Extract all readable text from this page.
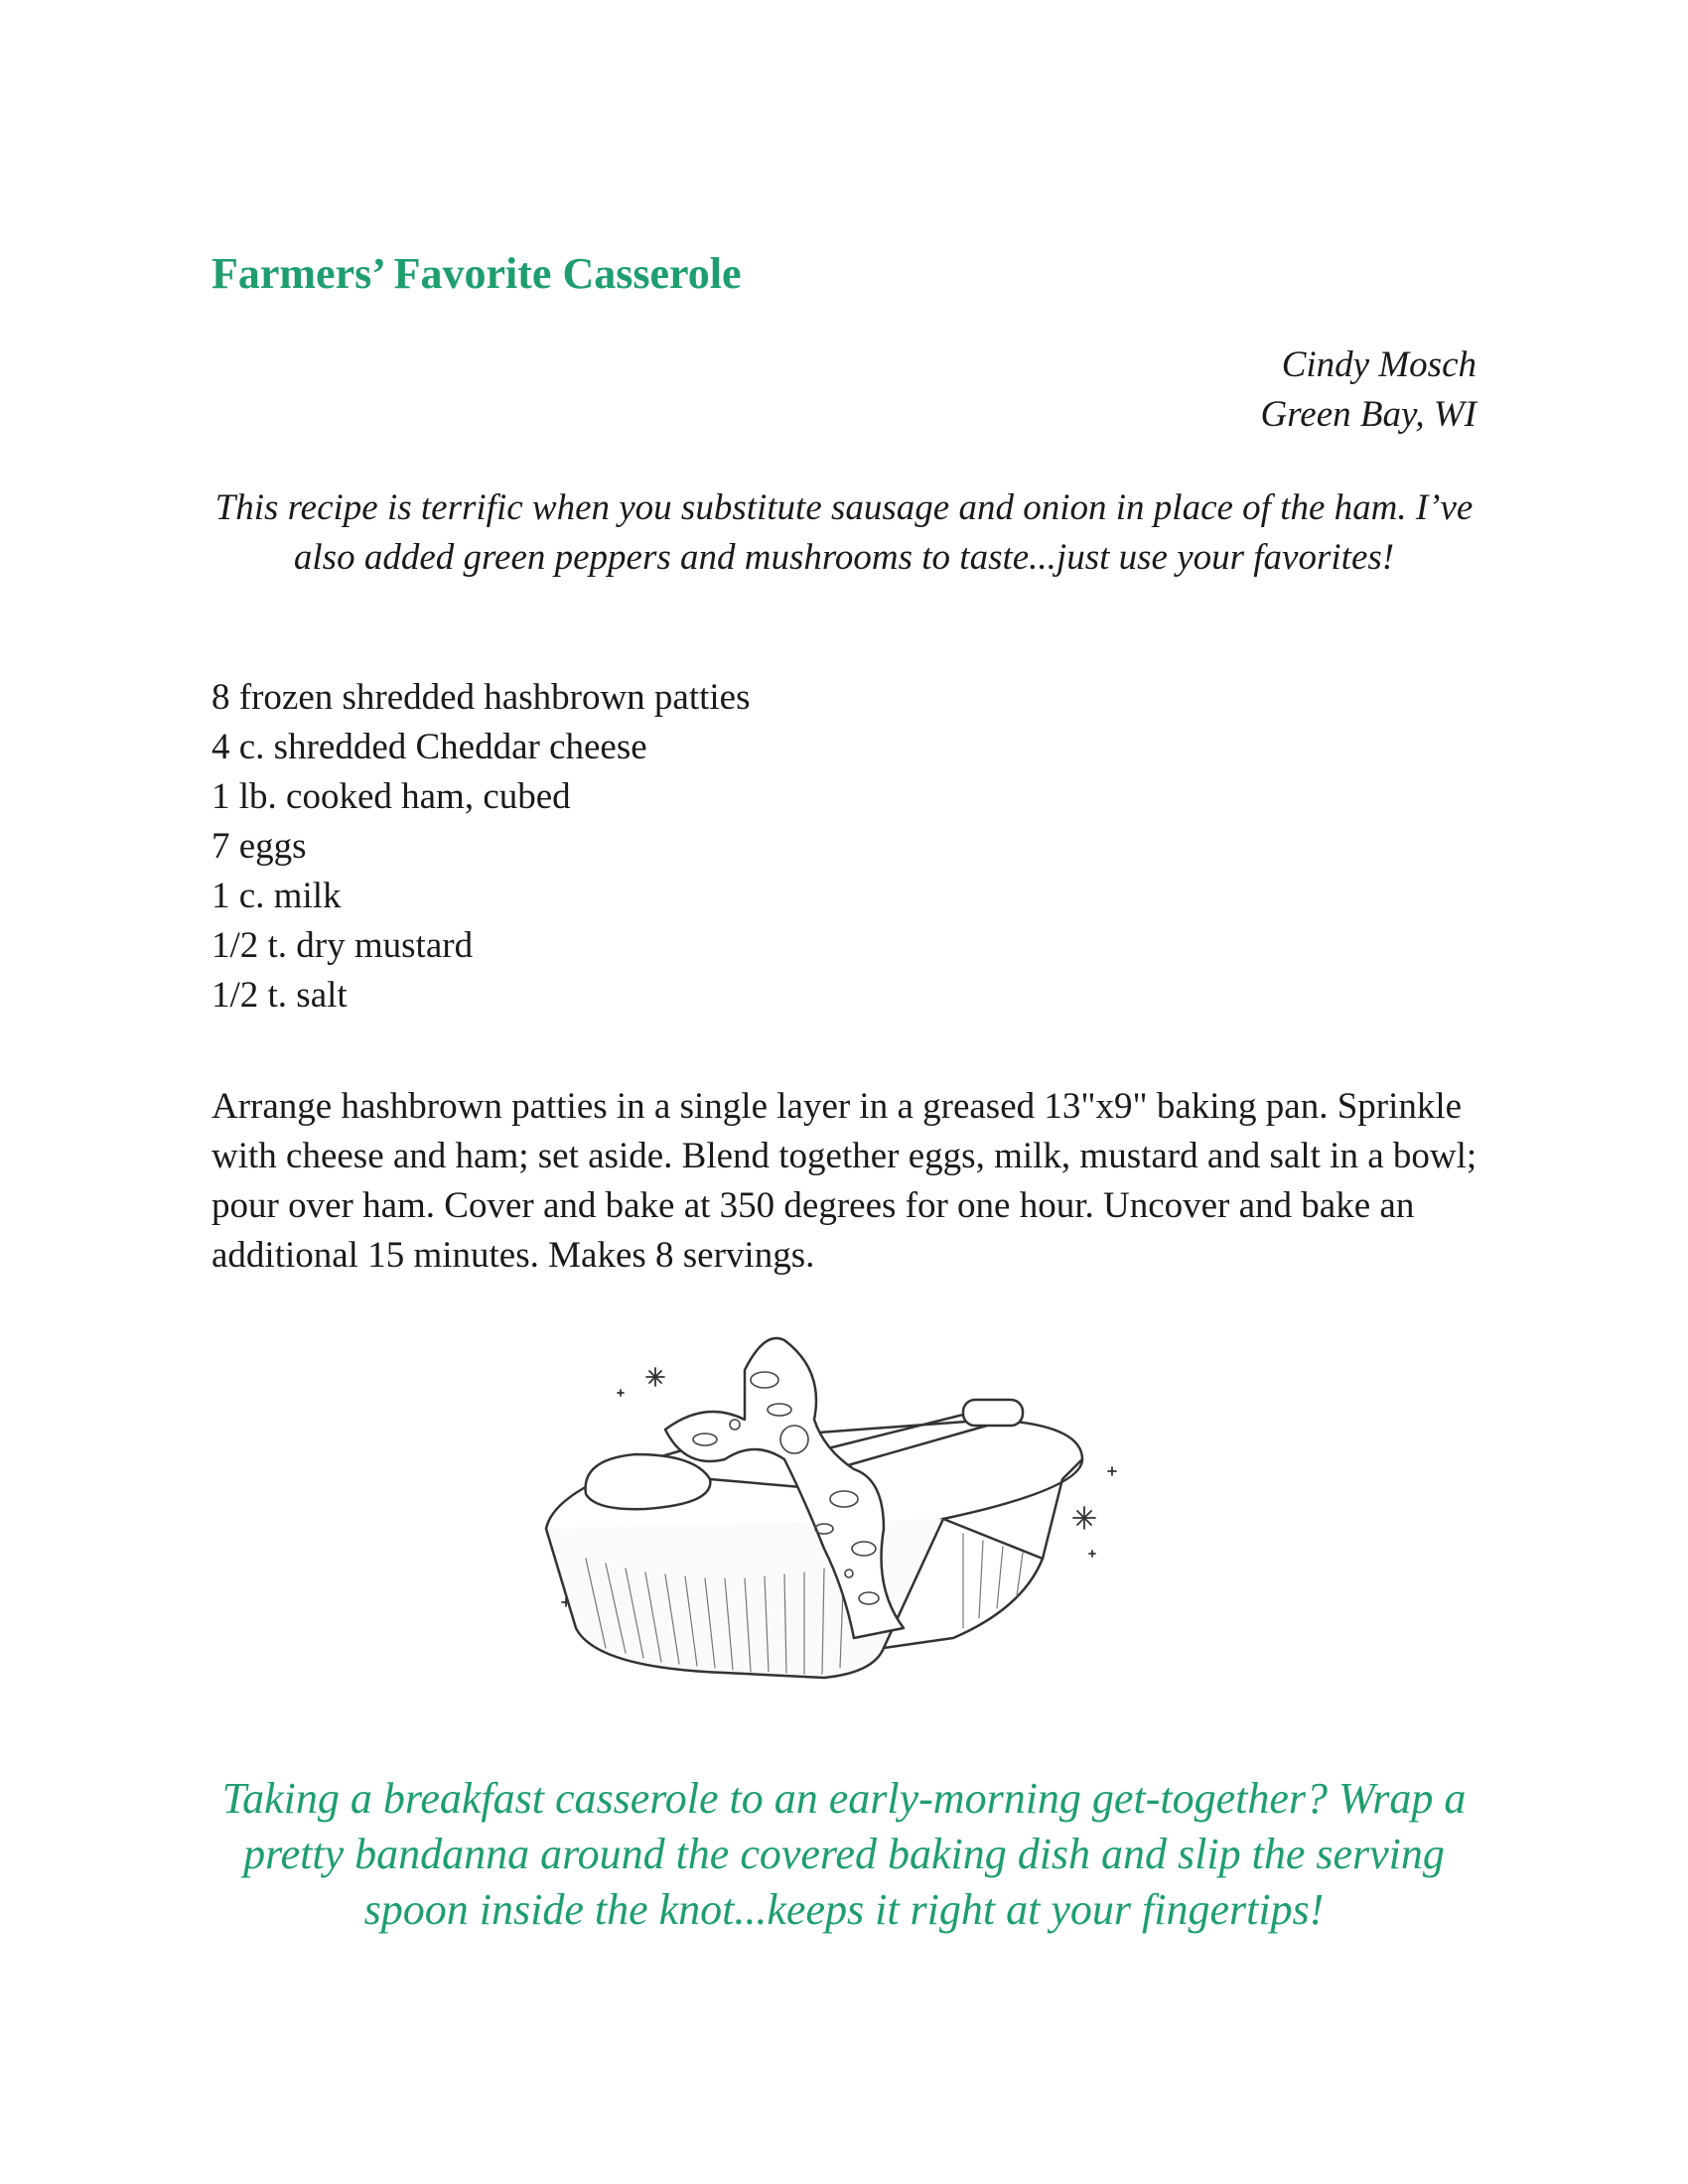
Farmers’ Favorite Casserole
Cindy Mosch
Green Bay, WI

This recipe is terrific when you substitute sausage and onion in place of the ham. I’ve also added green peppers and mushrooms to taste...just use your favorites!

8 frozen shredded hashbrown patties
4 c. shredded Cheddar cheese
1 lb. cooked ham, cubed
7 eggs
1 c. milk
1/2 t. dry mustard
1/2 t. salt

Arrange hashbrown patties in a single layer in a greased 13"x9" baking pan. Sprinkle with cheese and ham; set aside. Blend together eggs, milk, mustard and salt in a bowl; pour over ham. Cover and bake at 350 degrees for one hour. Uncover and bake an additional 15 minutes. Makes 8 servings.

Taking a breakfast casserole to an early-morning get-together? Wrap a pretty bandanna around the covered baking dish and slip the serving spoon inside the knot...keeps it right at your fingertips!
